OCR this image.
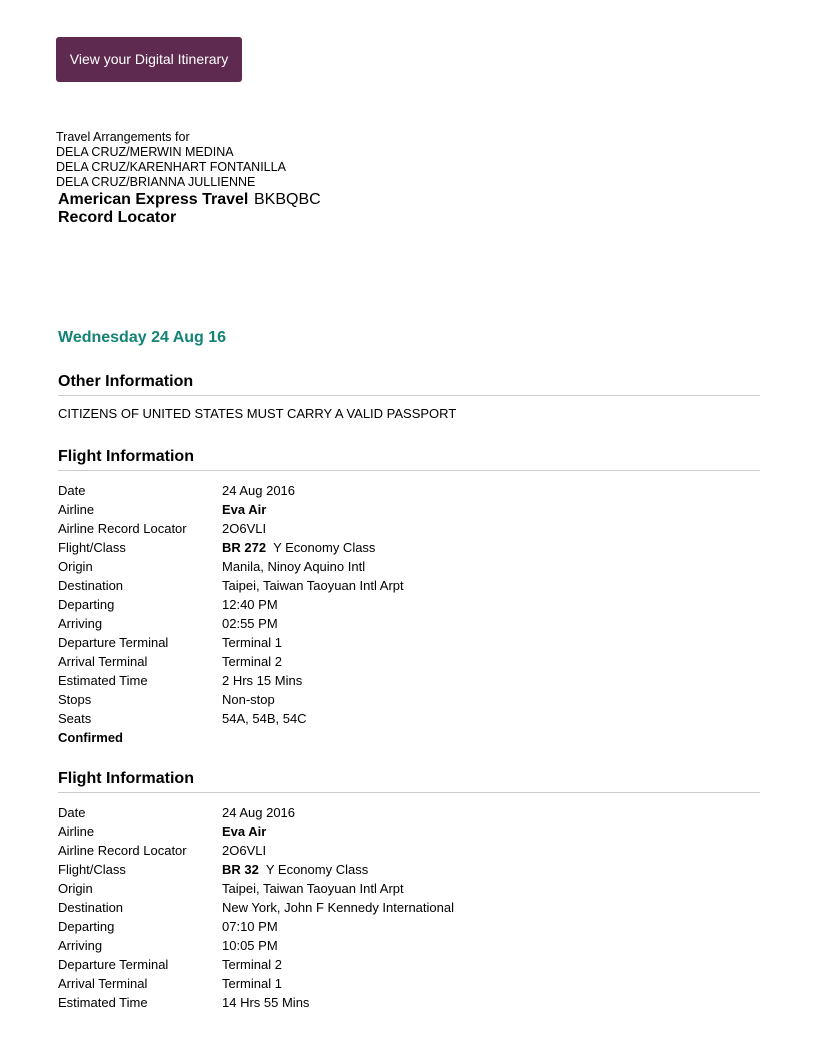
View your Digital Itinerary
Travel Arrangements for
DELA CRUZ/MERWIN MEDINA
DELA CRUZ/KARENHART FONTANILLA
DELA CRUZ/BRIANNA JULLIENNE
American Express Travel
Record LocatorBKBQBC
Wednesday 24 Aug 16
Other Information
CITIZENS OF UNITED STATES MUST CARRY A VALID PASSPORT
Flight Information
Date	24 Aug 2016
Airline	Eva Air
Airline Record Locator	2O6VLI
Flight/Class	BR 272 Y Economy Class
Origin	Manila, Ninoy Aquino Intl
Destination	Taipei, Taiwan Taoyuan Intl Arpt
Departing	12:40 PM
Arriving	02:55 PM
Departure Terminal	Terminal 1
Arrival Terminal	Terminal 2
Estimated Time	2 Hrs 15 Mins
Stops	Non-stop
Seats	54A, 54B, 54C
Confirmed
Flight Information
Date	24 Aug 2016
Airline	Eva Air
Airline Record Locator	2O6VLI
Flight/Class	BR 32 Y Economy Class
Origin	Taipei, Taiwan Taoyuan Intl Arpt
Destination	New York, John F Kennedy International
Departing	07:10 PM
Arriving	10:05 PM
Departure Terminal	Terminal 2
Arrival Terminal	Terminal 1
Estimated Time	14 Hrs 55 Mins
